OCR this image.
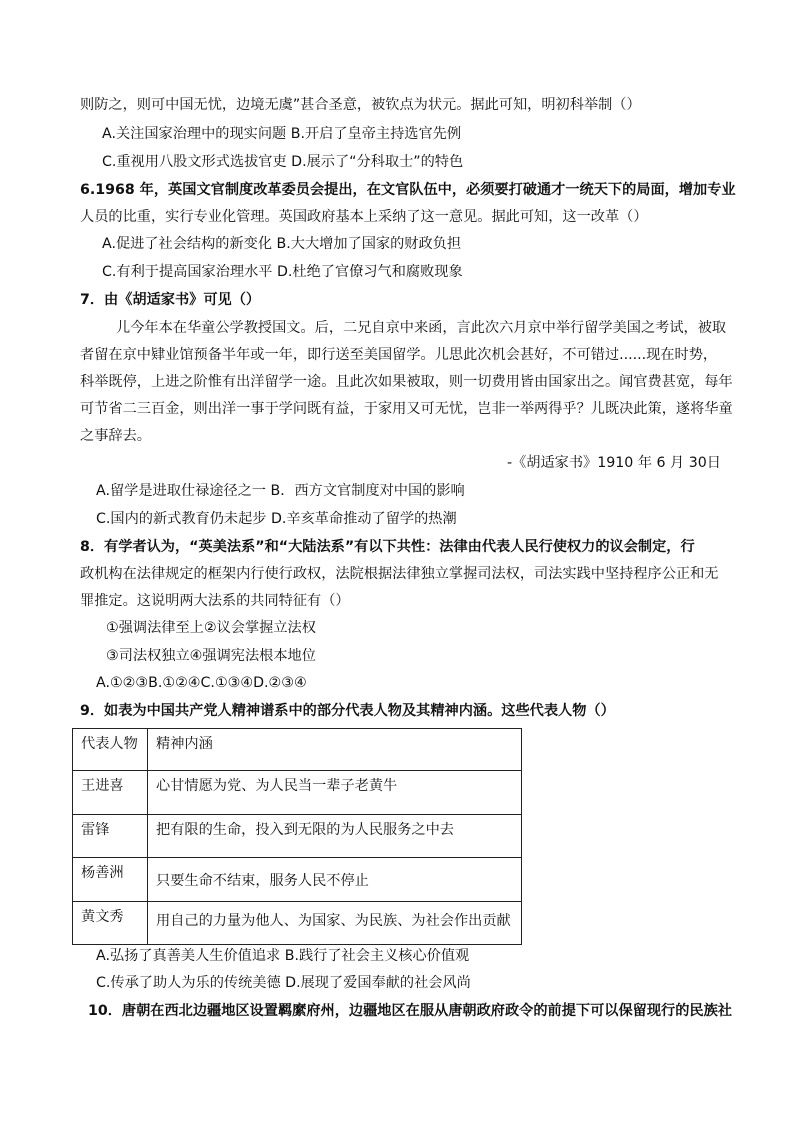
则防之，则可中国无忧，边境无虞”甚合圣意，被钦点为状元。据此可知，明初科举制（）
A.关注国家治理中的现实问题 B.开启了皇帝主持选官先例
C.重视用八股文形式选拔官吏 D.展示了“分科取士”的特色
6.1968 年，英国文官制度改革委员会提出，在文官队伍中，必须要打破通才一统天下的局面，增加专业
人员的比重，实行专业化管理。英国政府基本上采纳了这一意见。据此可知，这一改革（）
A.促进了社会结构的新变化 B.大大增加了国家的财政负担
C.有利于提高国家治理水平 D.杜绝了官僚习气和腐败现象
7．由《胡适家书》可见（）
儿今年本在华童公学教授国文。后，二兄自京中来函，言此次六月京中举行留学美国之考试，被取
者留在京中肄业馆预备半年或一年，即行送至美国留学。儿思此次机会甚好，不可错过......现在时势，
科举既停，上进之阶惟有出洋留学一途。且此次如果被取，则一切费用皆由国家出之。闻官费甚宽，每年
可节省二三百金，则出洋一事于学问既有益，于家用又可无忧，岂非一举两得乎？儿既决此策，遂将华童
之事辞去。
-《胡适家书》1910 年 6 月 30日
A.留学是进取仕禄途径之一 B．西方文官制度对中国的影响
C.国内的新式教育仍未起步 D.辛亥革命推动了留学的热潮
8．有学者认为，“英美法系”和“大陆法系”有以下共性：法律由代表人民行使权力的议会制定，行
政机构在法律规定的框架内行使行政权，法院根据法律独立掌握司法权，司法实践中坚持程序公正和无
罪推定。这说明两大法系的共同特征有（）
①强调法律至上②议会掌握立法权
③司法权独立④强调宪法根本地位
A.①②③B.①②④C.①③④D.②③④
9．如表为中国共产党人精神谱系中的部分代表人物及其精神内涵。这些代表人物（）
代表人物	精神内涵
王进喜	心甘情愿为党、为人民当一辈子老黄牛
雷锋	把有限的生命，投入到无限的为人民服务之中去
杨善洲	只要生命不结束，服务人民不停止
黄文秀	用自己的力量为他人、为国家、为民族、为社会作出贡献
A.弘扬了真善美人生价值追求 B.践行了社会主义核心价值观
C.传承了助人为乐的传统美德 D.展现了爱国奉献的社会风尚
10．唐朝在西北边疆地区设置羁縻府州，边疆地区在服从唐朝政府政令的前提下可以保留现行的民族社
